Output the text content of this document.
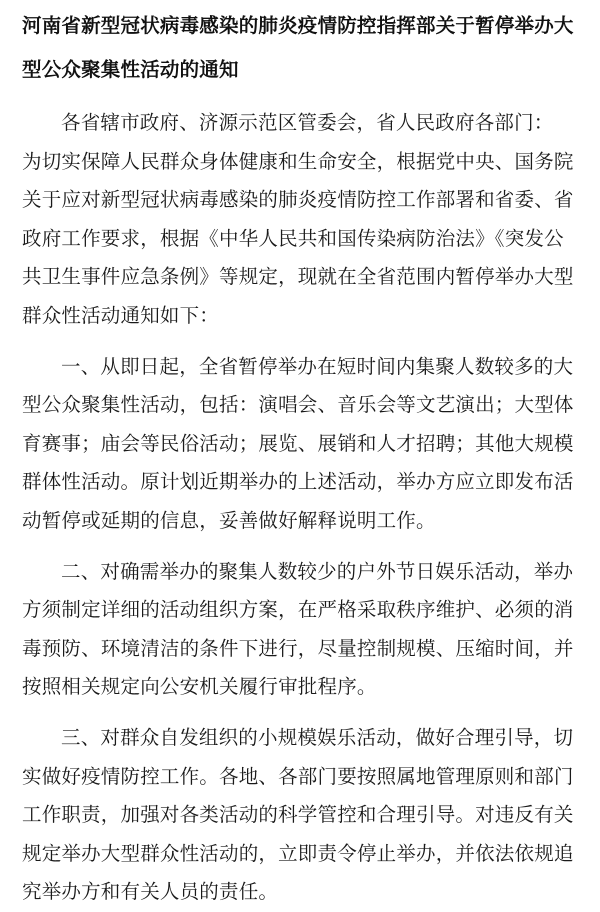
河南省新型冠状病毒感染的肺炎疫情防控指挥部关于暂停举办大型公众聚集性活动的通知

各省辖市政府、济源示范区管委会，省人民政府各部门：

为切实保障人民群众身体健康和生命安全，根据党中央、国务院关于应对新型冠状病毒感染的肺炎疫情防控工作部署和省委、省政府工作要求，根据《中华人民共和国传染病防治法》《突发公共卫生事件应急条例》等规定，现就在全省范围内暂停举办大型群众性活动通知如下：

一、从即日起，全省暂停举办在短时间内集聚人数较多的大型公众聚集性活动，包括：演唱会、音乐会等文艺演出；大型体育赛事；庙会等民俗活动；展览、展销和人才招聘；其他大规模群体性活动。原计划近期举办的上述活动，举办方应立即发布活动暂停或延期的信息，妥善做好解释说明工作。

二、对确需举办的聚集人数较少的户外节日娱乐活动，举办方须制定详细的活动组织方案，在严格采取秩序维护、必须的消毒预防、环境清洁的条件下进行，尽量控制规模、压缩时间，并按照相关规定向公安机关履行审批程序。

三、对群众自发组织的小规模娱乐活动，做好合理引导，切实做好疫情防控工作。各地、各部门要按照属地管理原则和部门工作职责，加强对各类活动的科学管控和合理引导。对违反有关规定举办大型群众性活动的，立即责令停止举办，并依法依规追究举办方和有关人员的责任。
